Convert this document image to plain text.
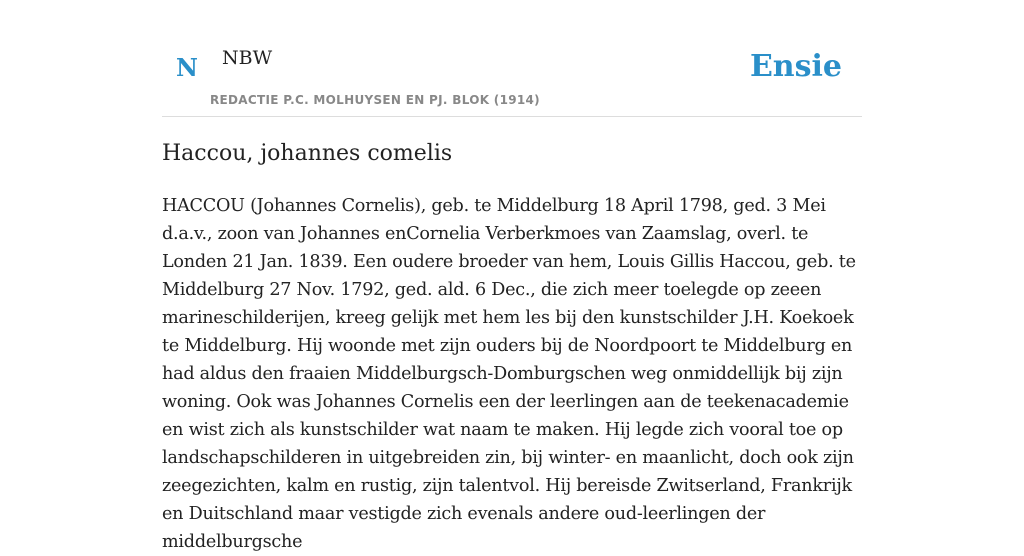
N NBW
REDACTIE P.C. MOLHUYSEN EN PJ. BLOK (1914)
Ensie
Haccou, johannes comelis

HACCOU (Johannes Cornelis), geb. te Middelburg 18 April 1798, ged. 3 Mei d.a.v., zoon van Johannes enCornelia Verberkmoes van Zaamslag, overl. te Londen 21 Jan. 1839. Een oudere broeder van hem, Louis Gillis Haccou, geb. te Middelburg 27 Nov. 1792, ged. ald. 6 Dec., die zich meer toelegde op zeeen marineschilderijen, kreeg gelijk met hem les bij den kunstschilder J.H. Koekoek te Middelburg. Hij woonde met zijn ouders bij de Noordpoort te Middelburg en had aldus den fraaien Middelburgsch-Domburgschen weg onmiddellijk bij zijn woning. Ook was Johannes Cornelis een der leerlingen aan de teekenacademie en wist zich als kunstschilder wat naam te maken. Hij legde zich vooral toe op landschapschilderen in uitgebreiden zin, bij winter- en maanlicht, doch ook zijn zeegezichten, kalm en rustig, zijn talentvol. Hij bereisde Zwitserland, Frankrijk en Duitschland maar vestigde zich evenals andere oud-leerlingen der middelburgsche
